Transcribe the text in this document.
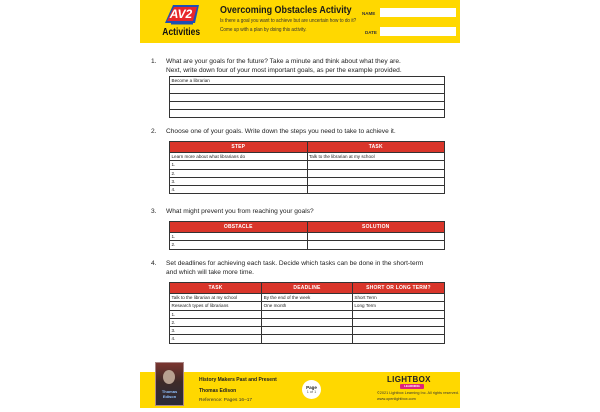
AV2
Activities
Overcoming Obstacles Activity
Is there a goal you want to achieve but are uncertain how to do it?
Come up with a plan by doing this activity.
NAME
DATE
1. What are your goals for the future? Take a minute and think about what they are.
Next, write down four of your most important goals, as per the example provided.
Become a librarian

2. Choose one of your goals. Write down the steps you need to take to achieve it.
STEP	TASK
Learn more about what librarians do	Talk to the librarian at my school
1.	
2.	
3.	
4.	
3. What might prevent you from reaching your goals?
OBSTACLE	SOLUTION
1.	
2.	
4. Set deadlines for achieving each task. Decide which tasks can be done in the short-term
and which will take more time.
TASK	DEADLINE	SHORT OR LONG TERM?
Talk to the librarian at my school	By the end of the week	Short Term
Research types of librarians	One month	Long Term
1.		
2.		
3.		
4.		
Thomas Edison
History Makers Past and Present
Thomas Edison
Reference: Pages 16–17
Page
1 of 1
LIGHTBOX
LEARNING
©2021 Lightbox Learning Inc. All rights reserved.
www.openlightbox.com
